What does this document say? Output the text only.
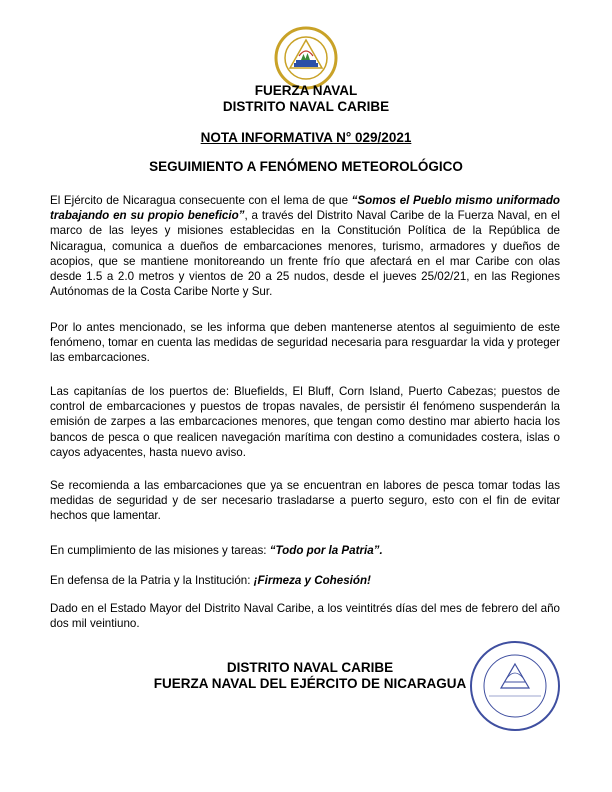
FUERZA NAVAL
DISTRITO NAVAL CARIBE
NOTA INFORMATIVA N° 029/2021
SEGUIMIENTO A FENÓMENO METEOROLÓGICO

El Ejército de Nicaragua consecuente con el lema de que “Somos el Pueblo mismo uniformado trabajando en su propio beneficio”, a través del Distrito Naval Caribe de la Fuerza Naval, en el marco de las leyes y misiones establecidas en la Constitución Política de la República de Nicaragua, comunica a dueños de embarcaciones menores, turismo, armadores y dueños de acopios, que se mantiene monitoreando un frente frío que afectará en el mar Caribe con olas desde 1.5 a 2.0 metros y vientos de 20 a 25 nudos, desde el jueves 25/02/21, en las Regiones Autónomas de la Costa Caribe Norte y Sur.

Por lo antes mencionado, se les informa que deben mantenerse atentos al seguimiento de este fenómeno, tomar en cuenta las medidas de seguridad necesaria para resguardar la vida y proteger las embarcaciones.

Las capitanías de los puertos de: Bluefields, El Bluff, Corn Island, Puerto Cabezas; puestos de control de embarcaciones y puestos de tropas navales, de persistir él fenómeno suspenderán la emisión de zarpes a las embarcaciones menores, que tengan como destino mar abierto hacia los bancos de pesca o que realicen navegación marítima con destino a comunidades costera, islas o cayos adyacentes, hasta nuevo aviso.

Se recomienda a las embarcaciones que ya se encuentran en labores de pesca tomar todas las medidas de seguridad y de ser necesario trasladarse a puerto seguro, esto con el fin de evitar hechos que lamentar.

En cumplimiento de las misiones y tareas: “Todo por la Patria”.

En defensa de la Patria y la Institución: ¡Firmeza y Cohesión!

Dado en el Estado Mayor del Distrito Naval Caribe, a los veintitrés días del mes de febrero del año dos mil veintiuno.

DISTRITO NAVAL CARIBE
FUERZA NAVAL DEL EJÉRCITO DE NICARAGUA
